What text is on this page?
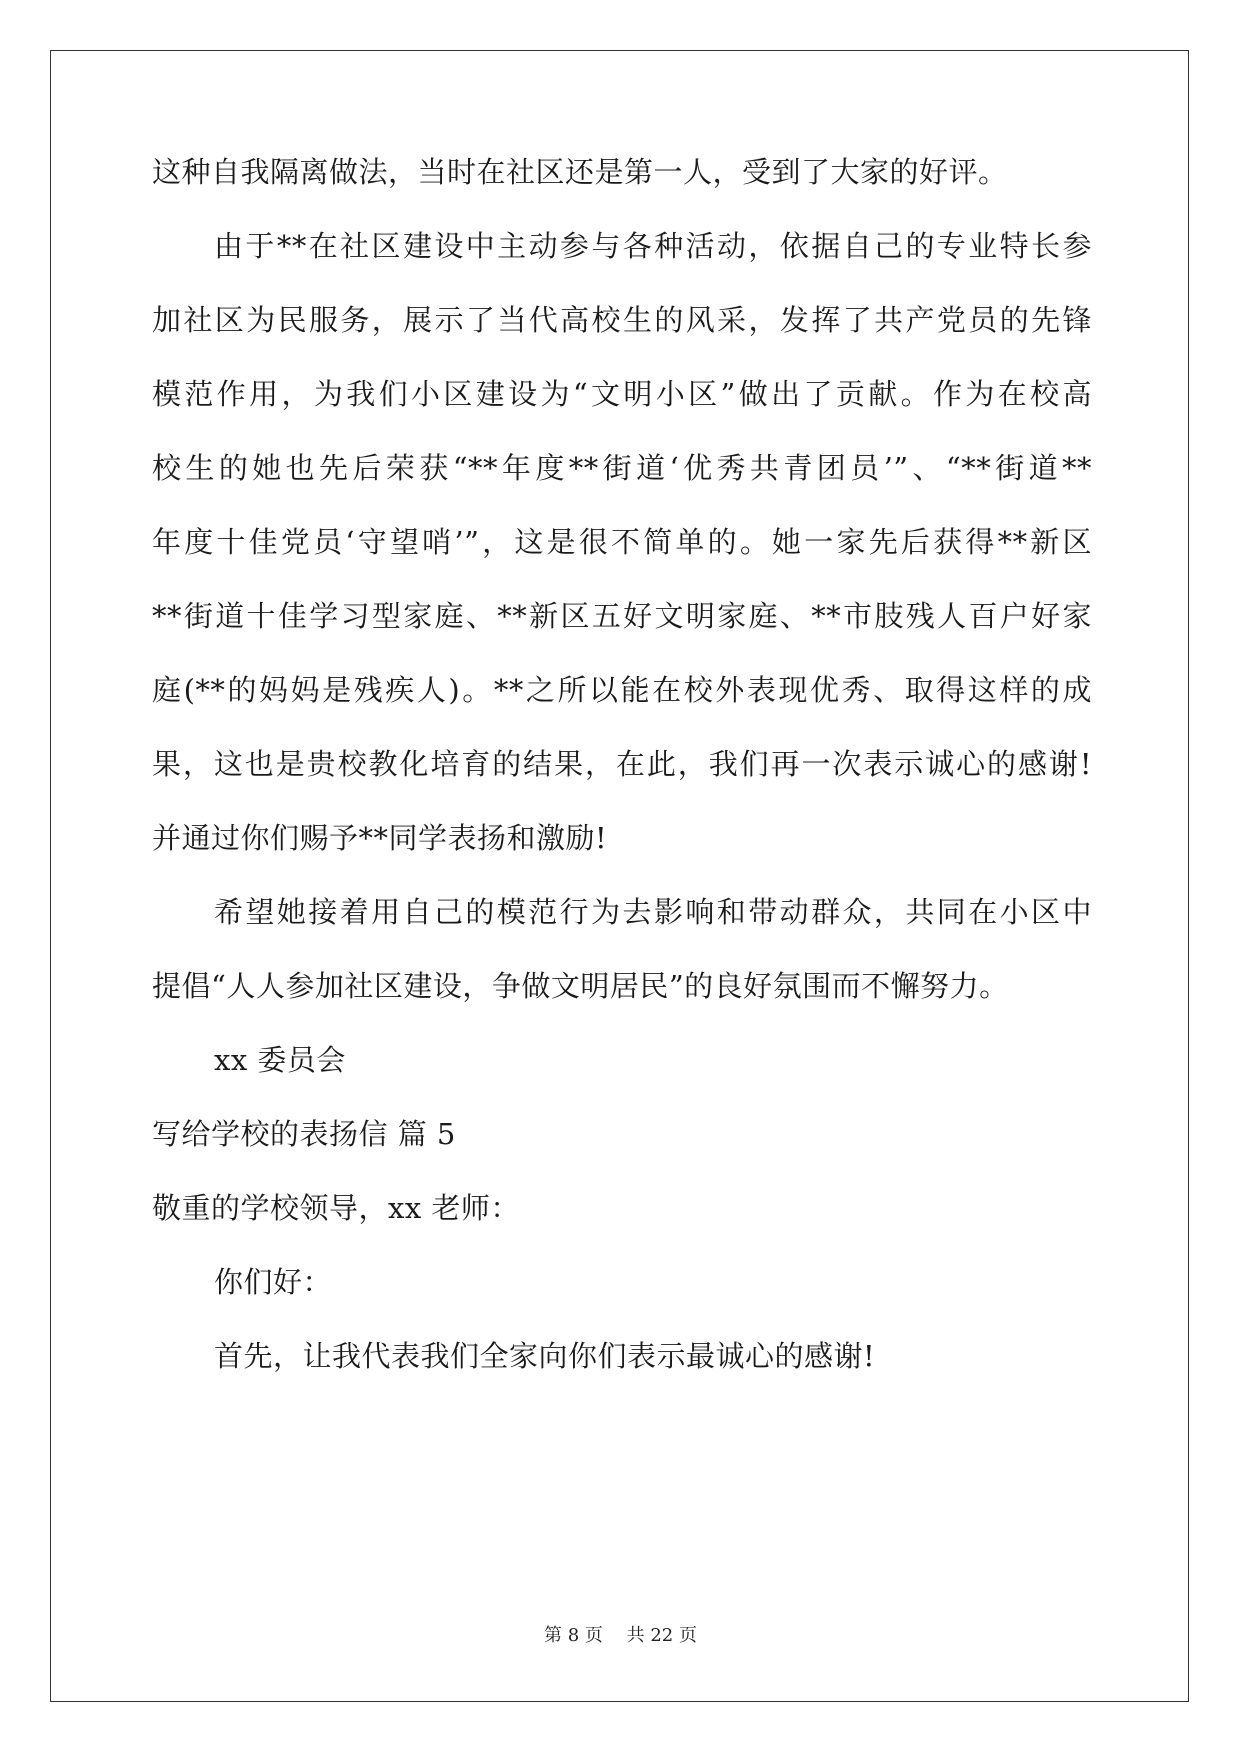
这种自我隔离做法，当时在社区还是第一人，受到了大家的好评。
由于**在社区建设中主动参与各种活动，依据自己的专业特长参
加社区为民服务，展示了当代高校生的风采，发挥了共产党员的先锋
模范作用，为我们小区建设为“文明小区”做出了贡献。作为在校高
校生的她也先后荣获“**年度**街道‘优秀共青团员’”、“**街道**
年度十佳党员‘守望哨’”，这是很不简单的。她一家先后获得**新区
**街道十佳学习型家庭、**新区五好文明家庭、**市肢残人百户好家
庭(**的妈妈是残疾人)。**之所以能在校外表现优秀、取得这样的成
果，这也是贵校教化培育的结果，在此，我们再一次表示诚心的感谢!
并通过你们赐予**同学表扬和激励!
希望她接着用自己的模范行为去影响和带动群众，共同在小区中
提倡“人人参加社区建设，争做文明居民”的良好氛围而不懈努力。
xx 委员会
写给学校的表扬信 篇 5
敬重的学校领导，xx 老师：
你们好：
首先，让我代表我们全家向你们表示最诚心的感谢!
第 8 页　 共 22 页
